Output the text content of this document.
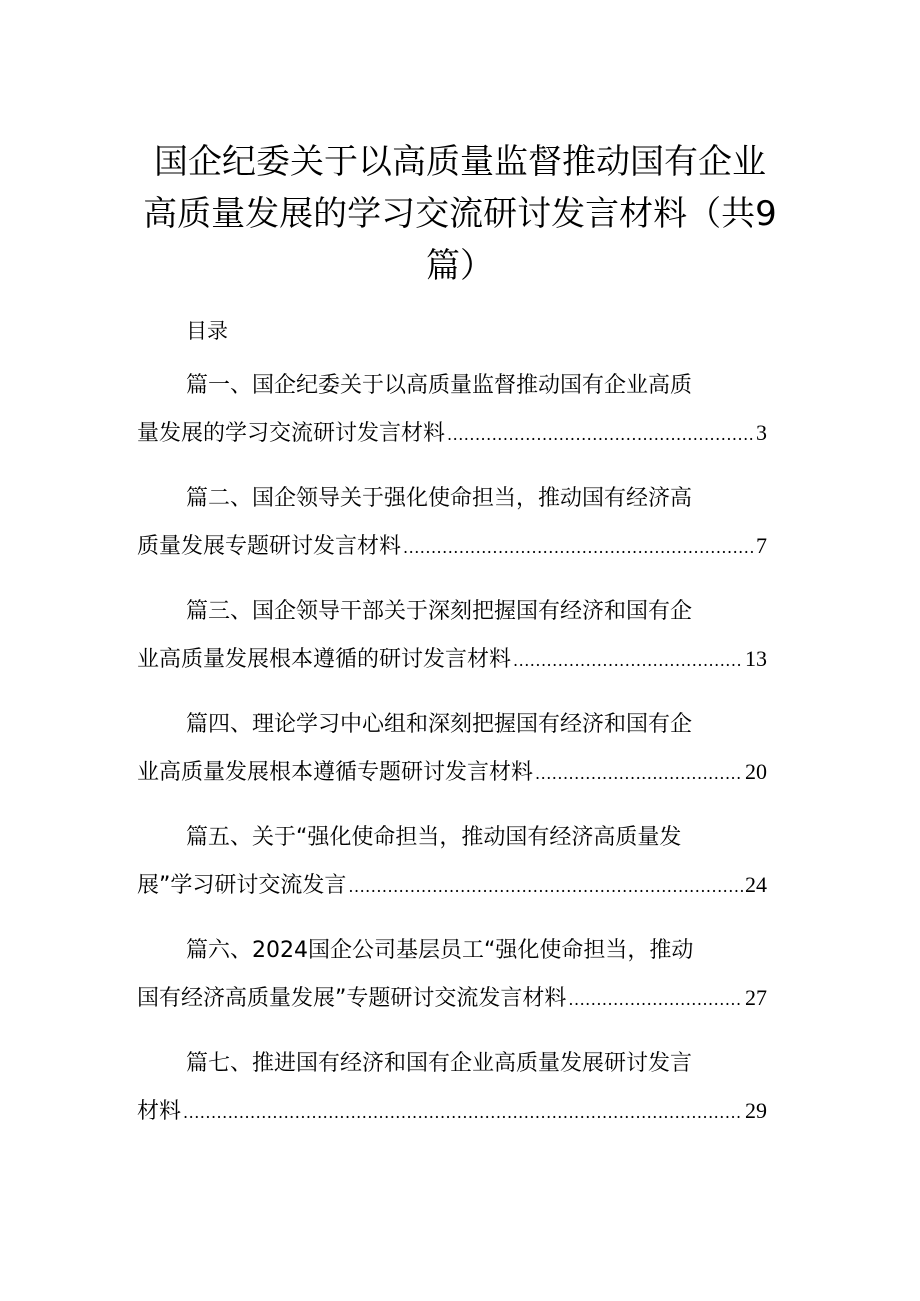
国企纪委关于以高质量监督推动国有企业高质量发展的学习交流研讨发言材料（共9篇）
目录
篇一、国企纪委关于以高质量监督推动国有企业高质
量发展的学习交流研讨发言材料 .....	3
篇二、国企领导关于强化使命担当，推动国有经济高
质量发展专题研讨发言材料 .....	7
篇三、国企领导干部关于深刻把握国有经济和国有企
业高质量发展根本遵循的研讨发言材料 .....	13
篇四、理论学习中心组和深刻把握国有经济和国有企
业高质量发展根本遵循专题研讨发言材料 .....	20
篇五、关于“强化使命担当，推动国有经济高质量发
展”学习研讨交流发言 .....	24
篇六、2024国企公司基层员工“强化使命担当，推动
国有经济高质量发展”专题研讨交流发言材料 .....	27
篇七、推进国有经济和国有企业高质量发展研讨发言
材料 .....	29
